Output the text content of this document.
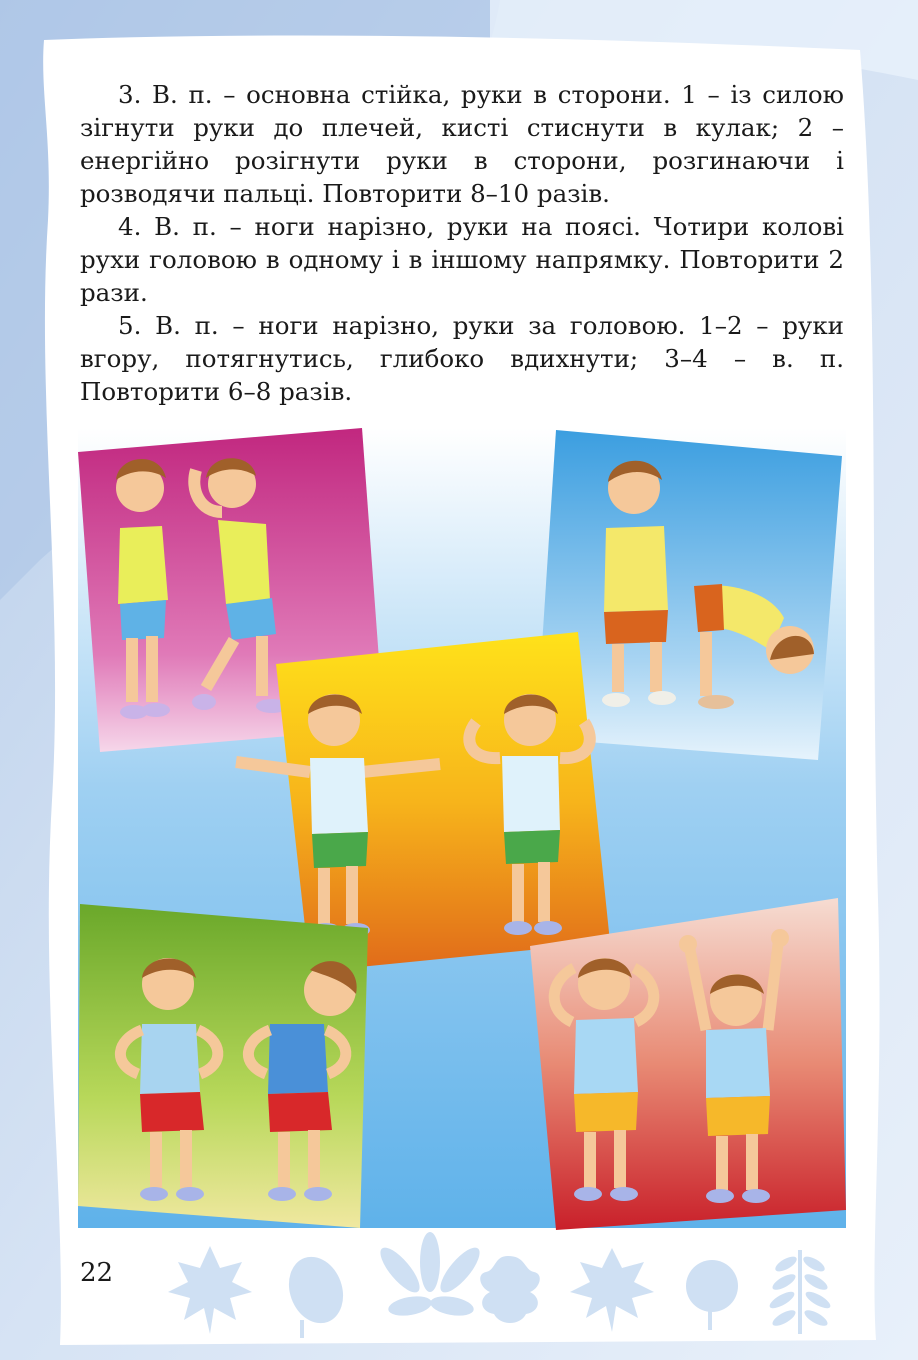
3. В. п. – основна стійка, руки в сторони. 1 – із силою зігнути руки до плечей, кисті стиснути в кулак; 2 – енергійно розігнути руки в сторони, розгинаючи і розводячи пальці. Повторити 8–10 разів.

4. В. п. – ноги нарізно, руки на поясі. Чотири колові рухи головою в одному і в іншому напрямку. Повторити 2 рази.

5. В. п. – ноги нарізно, руки за головою. 1–2 – руки вгору, потягнутись, глибоко вдихнути; 3–4 – в. п. Повторити 6–8 разів.

22
